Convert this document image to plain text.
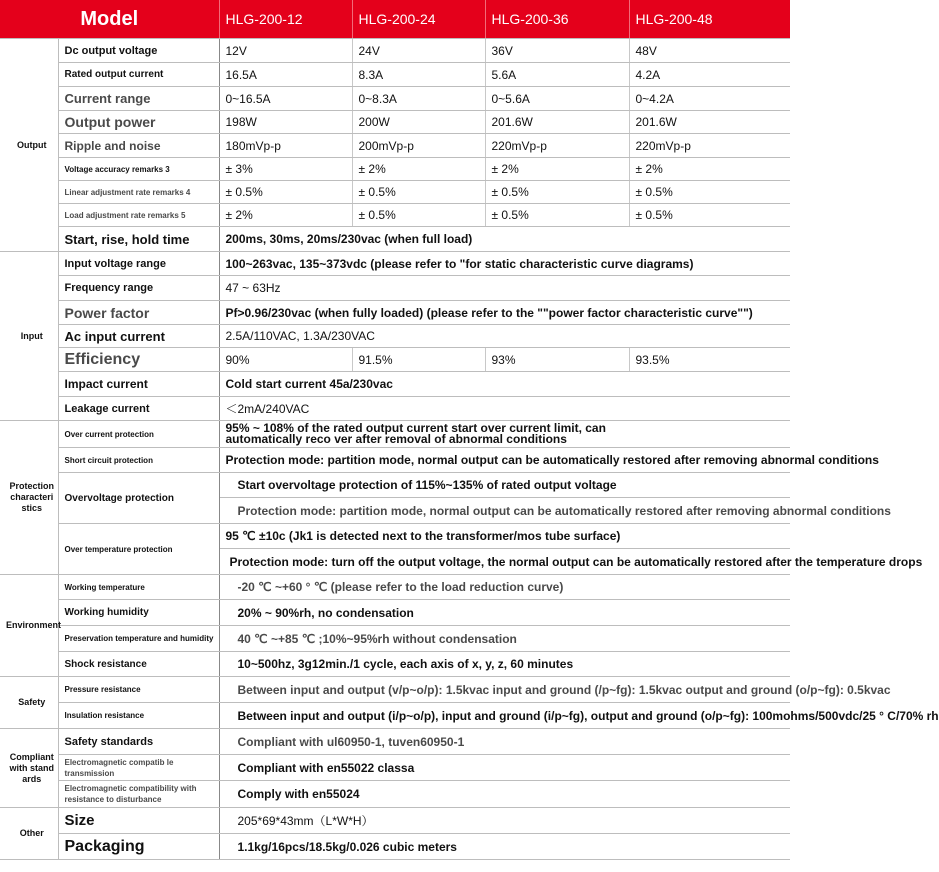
Model		HLG-200-12	HLG-200-24	HLG-200-36	HLG-200-48
Output	Dc output voltage	12V	24V	36V	48V
	Rated output current	16.5A	8.3A	5.6A	4.2A
	Current range	0~16.5A	0~8.3A	0~5.6A	0~4.2A
	Output power	198W	200W	201.6W	201.6W
	Ripple and noise	180mVp-p	200mVp-p	220mVp-p	220mVp-p
	Voltage accuracy remarks 3	± 3%	± 2%	± 2%	± 2%
	Linear adjustment rate remarks 4	± 0.5%	± 0.5%	± 0.5%	± 0.5%
	Load adjustment rate remarks 5	± 2%	± 0.5%	± 0.5%	± 0.5%
	Start, rise, hold time	200ms, 30ms, 20ms/230vac (when full load)			
Input	Input voltage range	100~263vac, 135~373vdc (please refer to "for static characteristic curve diagrams)			
	Frequency range	47 ~ 63Hz			
	Power factor	Pf>0.96/230vac (when fully loaded) (please refer to the ""power factor characteristic curve"")			
	Ac input current	2.5A/110VAC, 1.3A/230VAC			
	Efficiency	90%	91.5%	93%	93.5%
	Impact current	Cold start current 45a/230vac			
	Leakage current	＜2mA/240VAC			
Protection characteri stics	Over current protection	95% ~ 108% of the rated output current start over current limit, can automatically reco ver after removal of abnormal conditions			
	Short circuit protection	Protection mode: partition mode, normal output can be automatically restored after removing abnormal conditions			
	Overvoltage protection	Start overvoltage protection of 115%~135% of rated output voltage			
		Protection mode: partition mode, normal output can be automatically restored after removing abnormal conditions			
	Over temperature protection	95 ℃ ±10c (Jk1 is detected next to the transformer/mos tube surface)			
		Protection mode: turn off the output voltage, the normal output can be automatically restored after the temperature drops			
Environment	Working temperature	-20 ℃ ~+60 ° ℃ (please refer to the load reduction curve)			
	Working humidity	20% ~ 90%rh, no condensation			
	Preservation temperature and humidity	40 ℃ ~+85 ℃ ;10%~95%rh without condensation			
	Shock resistance	10~500hz, 3g12min./1 cycle, each axis of x, y, z, 60 minutes			
Safety	Pressure resistance	Between input and output (v/p~o/p): 1.5kvac input and ground (/p~fg): 1.5kvac output and ground (o/p~fg): 0.5kvac			
	Insulation resistance	Between input and output (i/p~o/p), input and ground (i/p~fg), output and ground (o/p~fg): 100mohms/500vdc/25 ° C/70% rh			
Compliant with stand ards	Safety standards	Compliant with ul60950-1, tuven60950-1			
	Electromagnetic compatib le transmission	Compliant with en55022 classa			
	Electromagnetic compatibility with resistance to disturbance	Comply with en55024			
Other	Size	205*69*43mm（L*W*H）			
	Packaging	1.1kg/16pcs/18.5kg/0.026 cubic meters			
